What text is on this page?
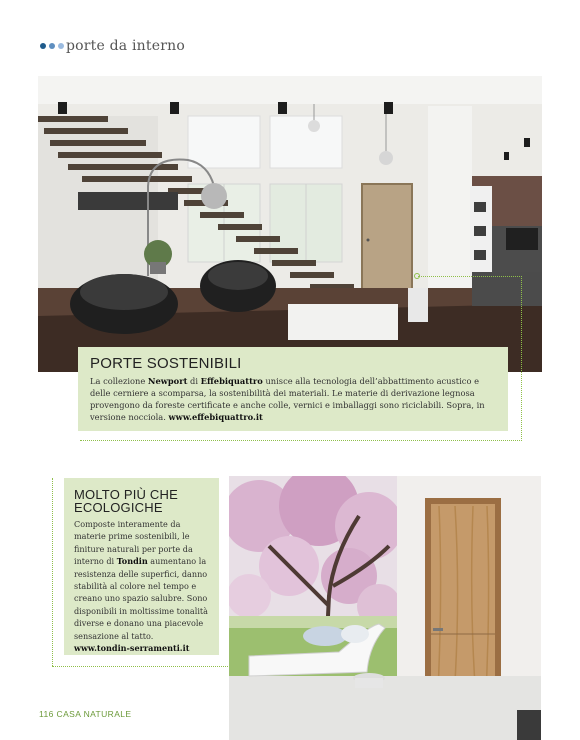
porte da interno
PORTE SOSTENIBILI
La collezione Newport di Effebiquattro unisce alla tecnologia dell’abbattimento acustico e delle cerniere a scomparsa, la sostenibilità dei materiali. Le materie di derivazione legnosa provengono da foreste certificate e anche colle, vernici e imballaggi sono riciclabili. Sopra, in versione nocciola. www.effebiquattro.it
MOLTO PIÙ CHE
ECOLOGICHE
Composte interamente da materie prime sostenibili, le finiture naturali per porte da interno di Tondin aumentano la resistenza delle superfici, danno stabilità al colore nel tempo e creano uno spazio salubre. Sono disponibili in moltissime tonalità diverse e donano una piacevole sensazione al tatto. www.tondin-serramenti.it
116 CASA NATURALE
